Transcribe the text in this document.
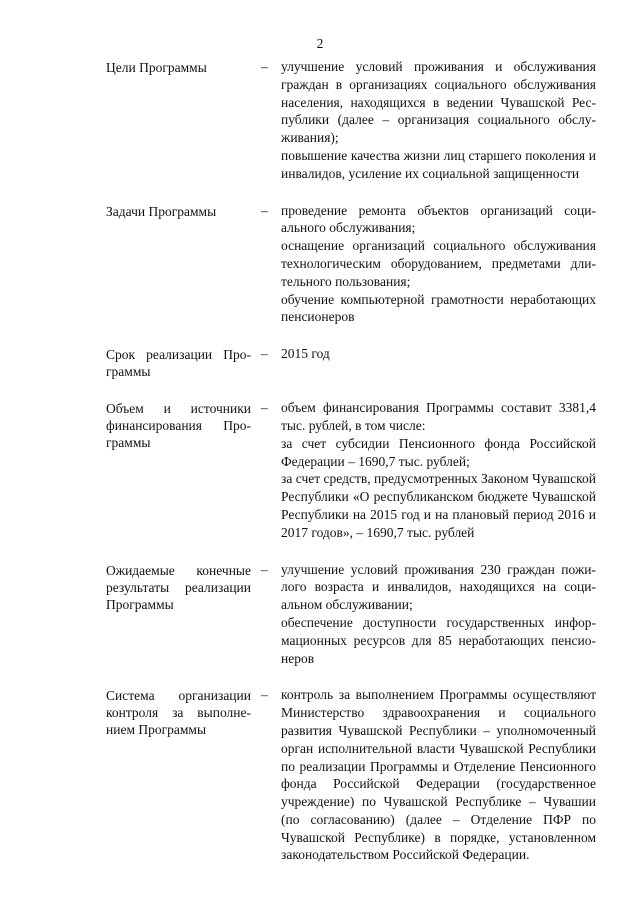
2
Цели Программы	– улучшение условий проживания и обслуживания граждан в организациях социального обслуживания населения, находящихся в ведении Чувашской Республики (далее – организация социального обслуживания);

повышение качества жизни лиц старшего поколения и инвалидов, усиление их социальной защищенности

Задачи Программы	– проведение ремонта объектов организаций социального обслуживания;

оснащение организаций социального обслуживания технологическим оборудованием, предметами длительного пользования;

обучение компьютерной грамотности неработающих пенсионеров

Срок реализации Программы
– 2015 год

Объем и источники финансирования Программы
– объем финансирования Программы составит 3381,4 тыс. рублей, в том числе:

за счет субсидии Пенсионного фонда Российской Федерации – 1690,7 тыс. рублей;

за счет средств, предусмотренных Законом Чувашской Республики «О республиканском бюджете Чувашской Республики на 2015 год и на плановый период 2016 и 2017 годов», – 1690,7 тыс. рублей

Ожидаемые конечные результаты реализации Программы
– улучшение условий проживания 230 граждан пожилого возраста и инвалидов, находящихся на социальном обслуживании;

обеспечение доступности государственных информационных ресурсов для 85 неработающих пенсионеров

Система организации контроля за выполнением Программы
– контроль за выполнением Программы осуществляют Министерство здравоохранения и социального развития Чувашской Республики – уполномоченный орган исполнительной власти Чувашской Республики по реализации Программы и Отделение Пенсионного фонда Российской Федерации (государственное учреждение) по Чувашской Республике – Чувашии (по согласованию) (далее – Отделение ПФР по Чувашской Республике) в порядке, установленном законодательством Российской Федерации.
